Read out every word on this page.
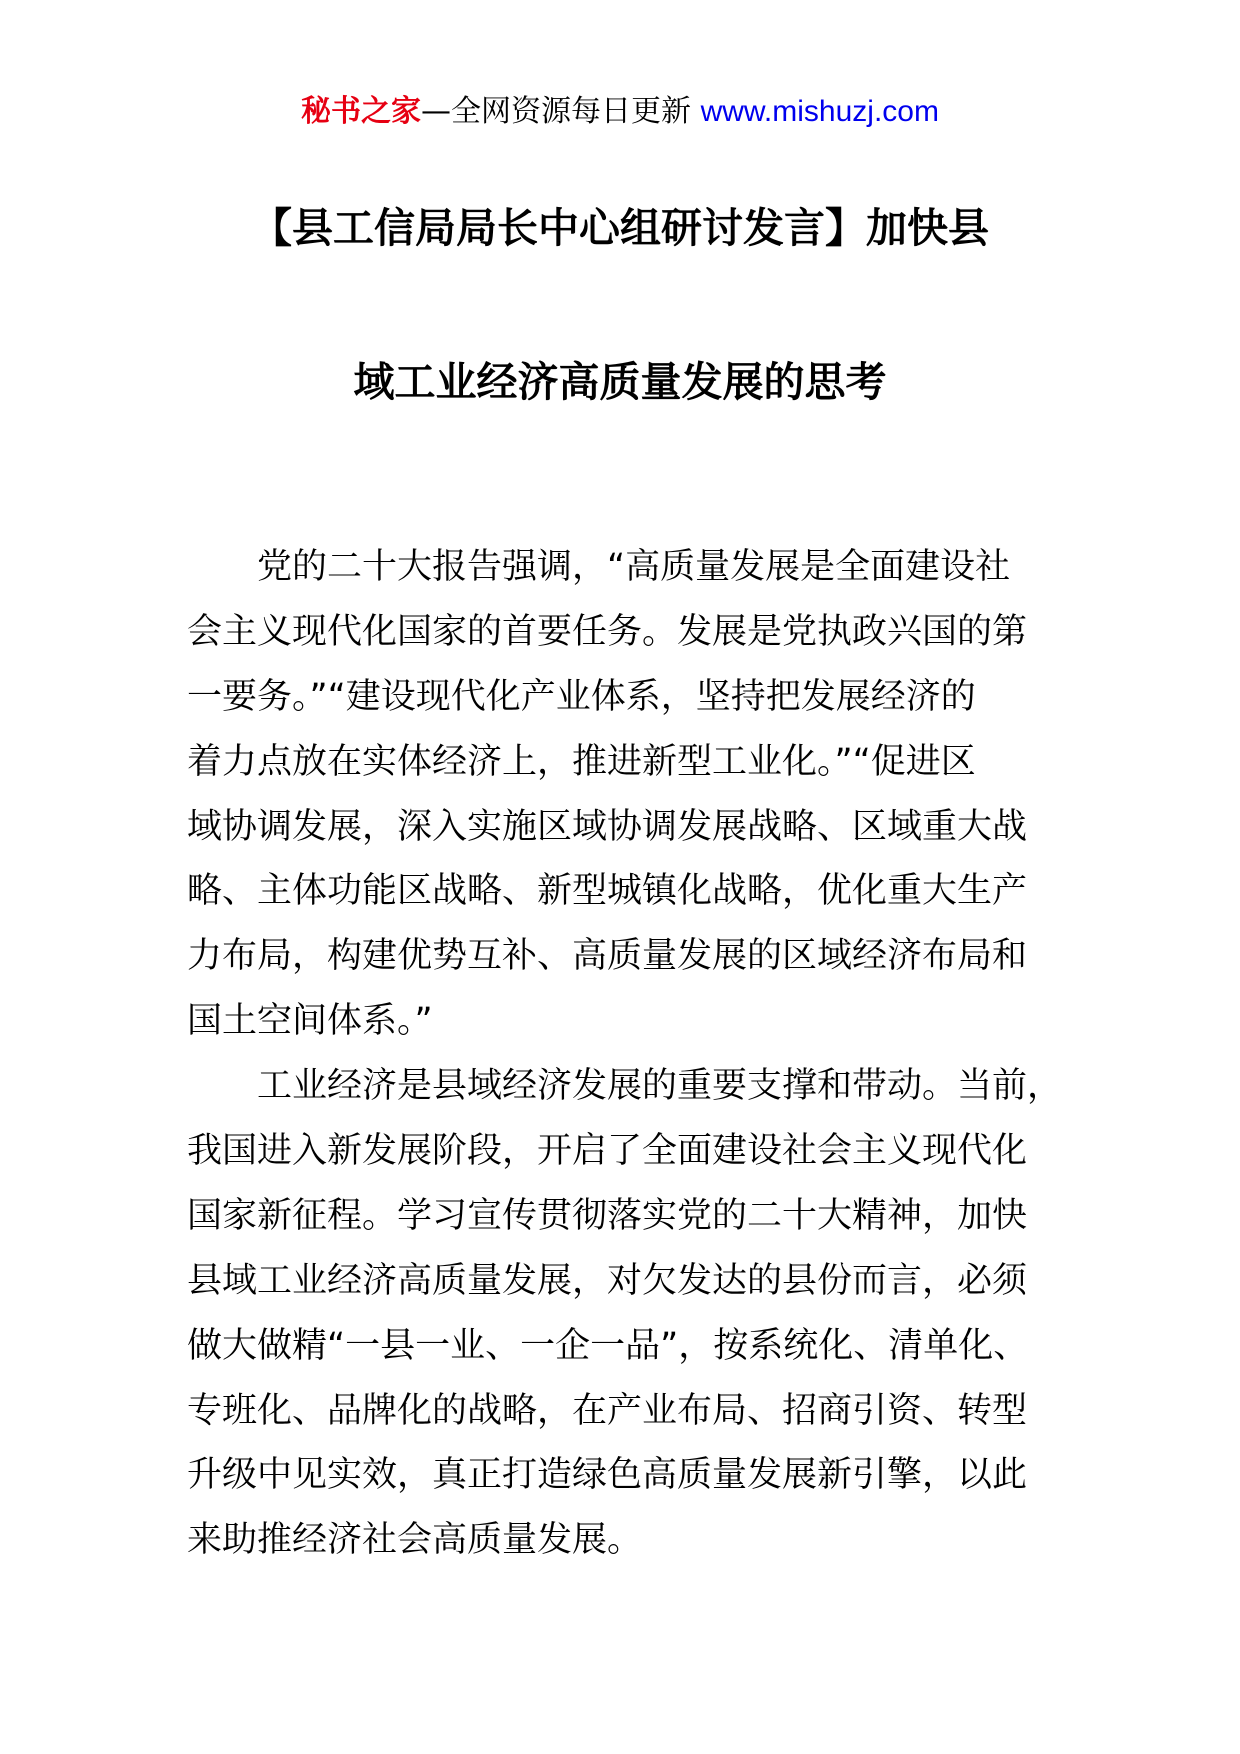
秘书之家—全网资源每日更新 www.mishuzj.com
【县工信局局长中心组研讨发言】加快县
域工业经济高质量发展的思考
党的二十大报告强调，“高质量发展是全面建设社
会主义现代化国家的首要任务。发展是党执政兴国的第
一要务。”“建设现代化产业体系，坚持把发展经济的
着力点放在实体经济上，推进新型工业化。”“促进区
域协调发展，深入实施区域协调发展战略、区域重大战
略、主体功能区战略、新型城镇化战略，优化重大生产
力布局，构建优势互补、高质量发展的区域经济布局和
国土空间体系。”
工业经济是县域经济发展的重要支撑和带动。当前，
我国进入新发展阶段，开启了全面建设社会主义现代化
国家新征程。学习宣传贯彻落实党的二十大精神，加快
县域工业经济高质量发展，对欠发达的县份而言，必须
做大做精“一县一业、一企一品”，按系统化、清单化、
专班化、品牌化的战略，在产业布局、招商引资、转型
升级中见实效，真正打造绿色高质量发展新引擎，以此
来助推经济社会高质量发展。
